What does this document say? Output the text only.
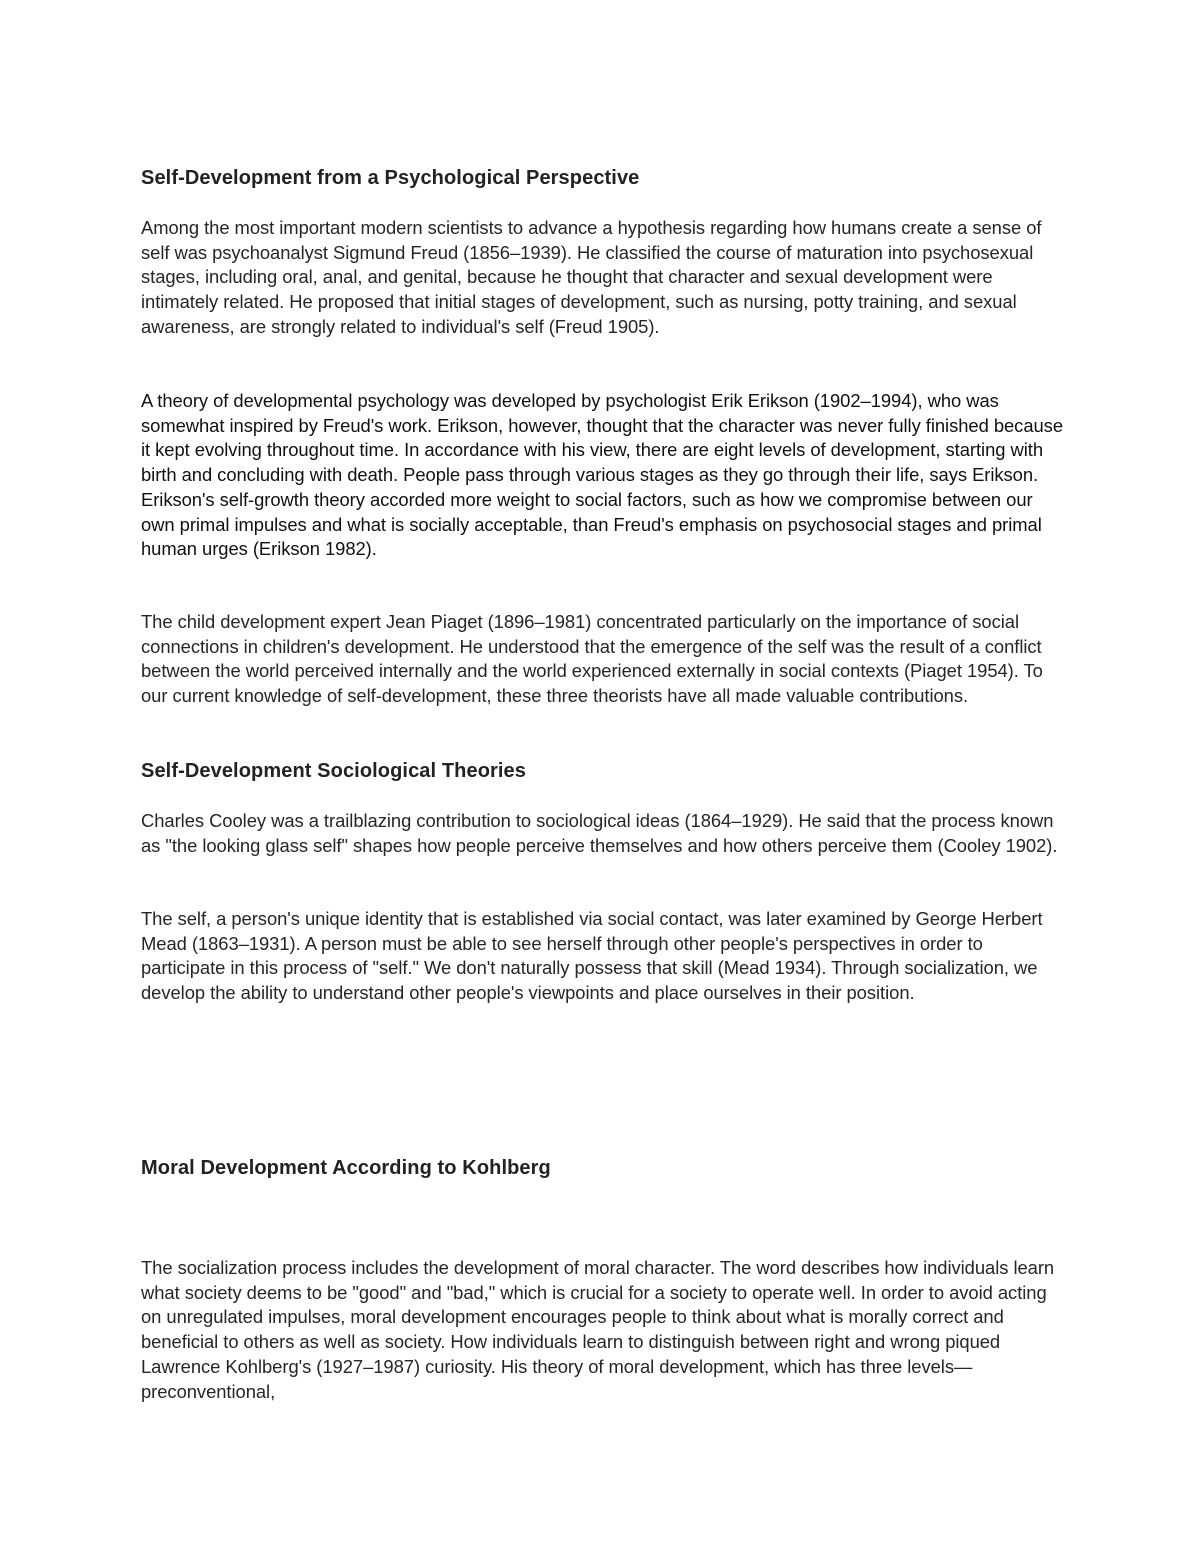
Self-Development from a Psychological Perspective

Among the most important modern scientists to advance a hypothesis regarding how humans create a sense of self was psychoanalyst Sigmund Freud (1856–1939). He classified the course of maturation into psychosexual stages, including oral, anal, and genital, because he thought that character and sexual development were intimately related. He proposed that initial stages of development, such as nursing, potty training, and sexual awareness, are strongly related to individual's self (Freud 1905).

A theory of developmental psychology was developed by psychologist Erik Erikson (1902–1994), who was somewhat inspired by Freud's work. Erikson, however, thought that the character was never fully finished because it kept evolving throughout time. In accordance with his view, there are eight levels of development, starting with birth and concluding with death. People pass through various stages as they go through their life, says Erikson. Erikson's self-growth theory accorded more weight to social factors, such as how we compromise between our own primal impulses and what is socially acceptable, than Freud's emphasis on psychosocial stages and primal human urges (Erikson 1982).

The child development expert Jean Piaget (1896–1981) concentrated particularly on the importance of social connections in children's development. He understood that the emergence of the self was the result of a conflict between the world perceived internally and the world experienced externally in social contexts (Piaget 1954). To our current knowledge of self-development, these three theorists have all made valuable contributions.

Self-Development Sociological Theories

Charles Cooley was a trailblazing contribution to sociological ideas (1864–1929). He said that the process known as "the looking glass self" shapes how people perceive themselves and how others perceive them (Cooley 1902).

The self, a person's unique identity that is established via social contact, was later examined by George Herbert Mead (1863–1931). A person must be able to see herself through other people's perspectives in order to participate in this process of "self." We don't naturally possess that skill (Mead 1934). Through socialization, we develop the ability to understand other people's viewpoints and place ourselves in their position.

Moral Development According to Kohlberg

The socialization process includes the development of moral character. The word describes how individuals learn what society deems to be "good" and "bad," which is crucial for a society to operate well. In order to avoid acting on unregulated impulses, moral development encourages people to think about what is morally correct and beneficial to others as well as society. How individuals learn to distinguish between right and wrong piqued Lawrence Kohlberg's (1927–1987) curiosity. His theory of moral development, which has three levels—preconventional,
